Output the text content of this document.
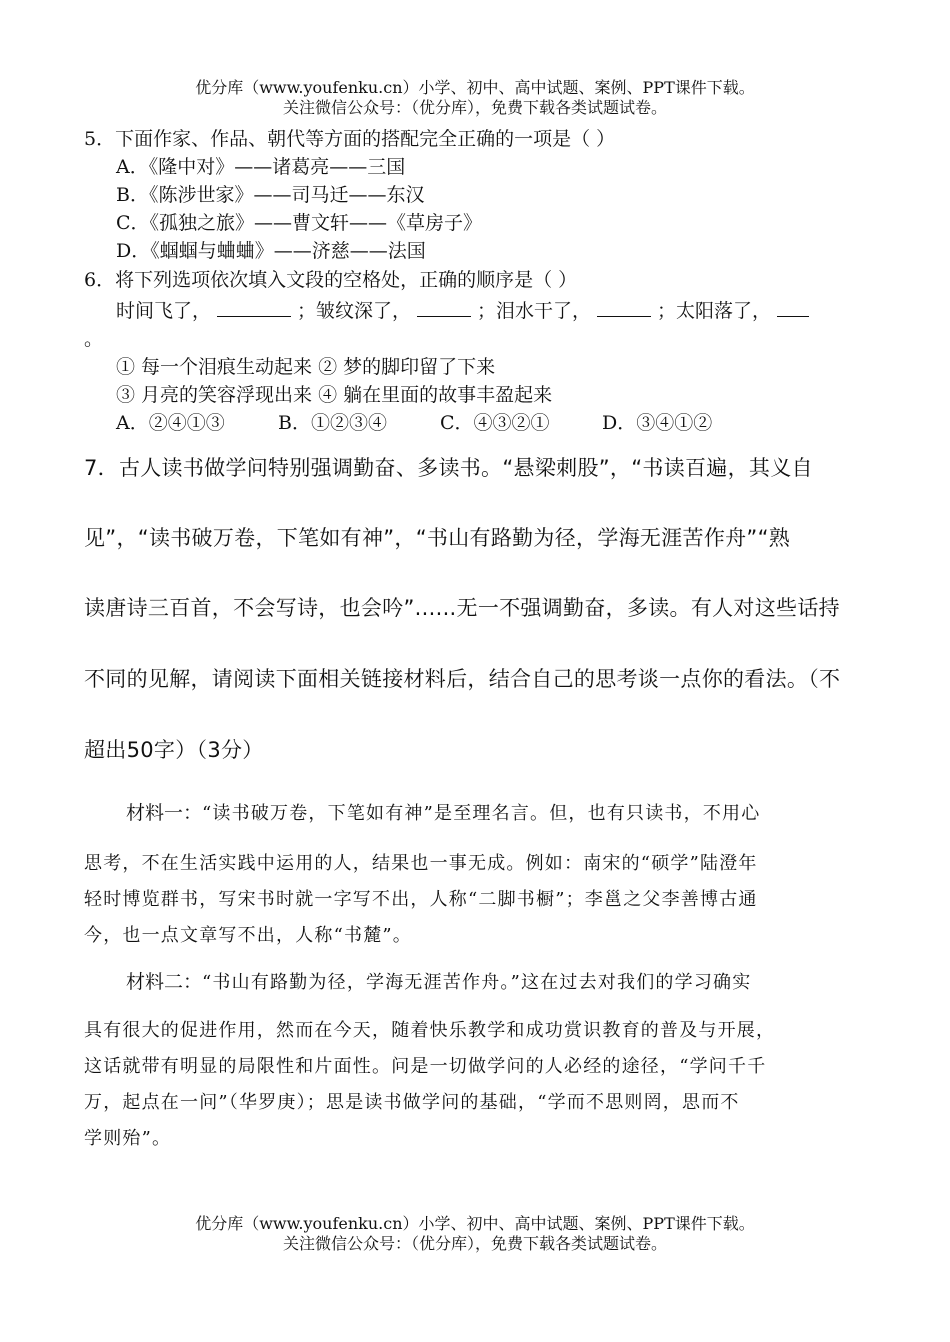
优分库（www.youfenku.cn）小学、初中、高中试题、案例、PPT课件下载。
关注微信公众号：（优分库），免费下载各类试题试卷。
5．下面作家、作品、朝代等方面的搭配完全正确的一项是（ ）
A．《隆中对》——诸葛亮——三国
B．《陈涉世家》——司马迁——东汉
C．《孤独之旅》——曹文轩——《草房子》
D．《蝈蝈与蛐蛐》——济慈——法国
6．将下列选项依次填入文段的空格处，正确的顺序是（ ）
时间飞了，	；皱纹深了，	；泪水干了，	；太阳落了，
。
① 每一个泪痕生动起来 ② 梦的脚印留了下来
③ 月亮的笑容浮现出来 ④ 躺在里面的故事丰盈起来
A．②④①③	B．①②③④	C．④③②①	D．③④①②
7．古人读书做学问特别强调勤奋、多读书。“悬梁刺股”，“书读百遍，其义自
见”，“读书破万卷，下笔如有神”，“书山有路勤为径，学海无涯苦作舟”“熟
读唐诗三百首，不会写诗，也会吟”......无一不强调勤奋，多读。有人对这些话持
不同的见解，请阅读下面相关链接材料后，结合自己的思考谈一点你的看法。（不
超出50字）（3分）
材料一：“读书破万卷，下笔如有神”是至理名言。但，也有只读书，不用心
思考，不在生活实践中运用的人，结果也一事无成。例如：南宋的“硕学”陆澄年
轻时博览群书，写宋书时就一字写不出，人称“二脚书橱”；李邕之父李善博古通
今，也一点文章写不出，人称“书麓”。
材料二：“书山有路勤为径，学海无涯苦作舟。”这在过去对我们的学习确实
具有很大的促进作用，然而在今天，随着快乐教学和成功赏识教育的普及与开展，
这话就带有明显的局限性和片面性。问是一切做学问的人必经的途径，“学问千千
万，起点在一问”（华罗庚）；思是读书做学问的基础，“学而不思则罔，思而不
学则殆”。
优分库（www.youfenku.cn）小学、初中、高中试题、案例、PPT课件下载。
关注微信公众号：（优分库），免费下载各类试题试卷。
